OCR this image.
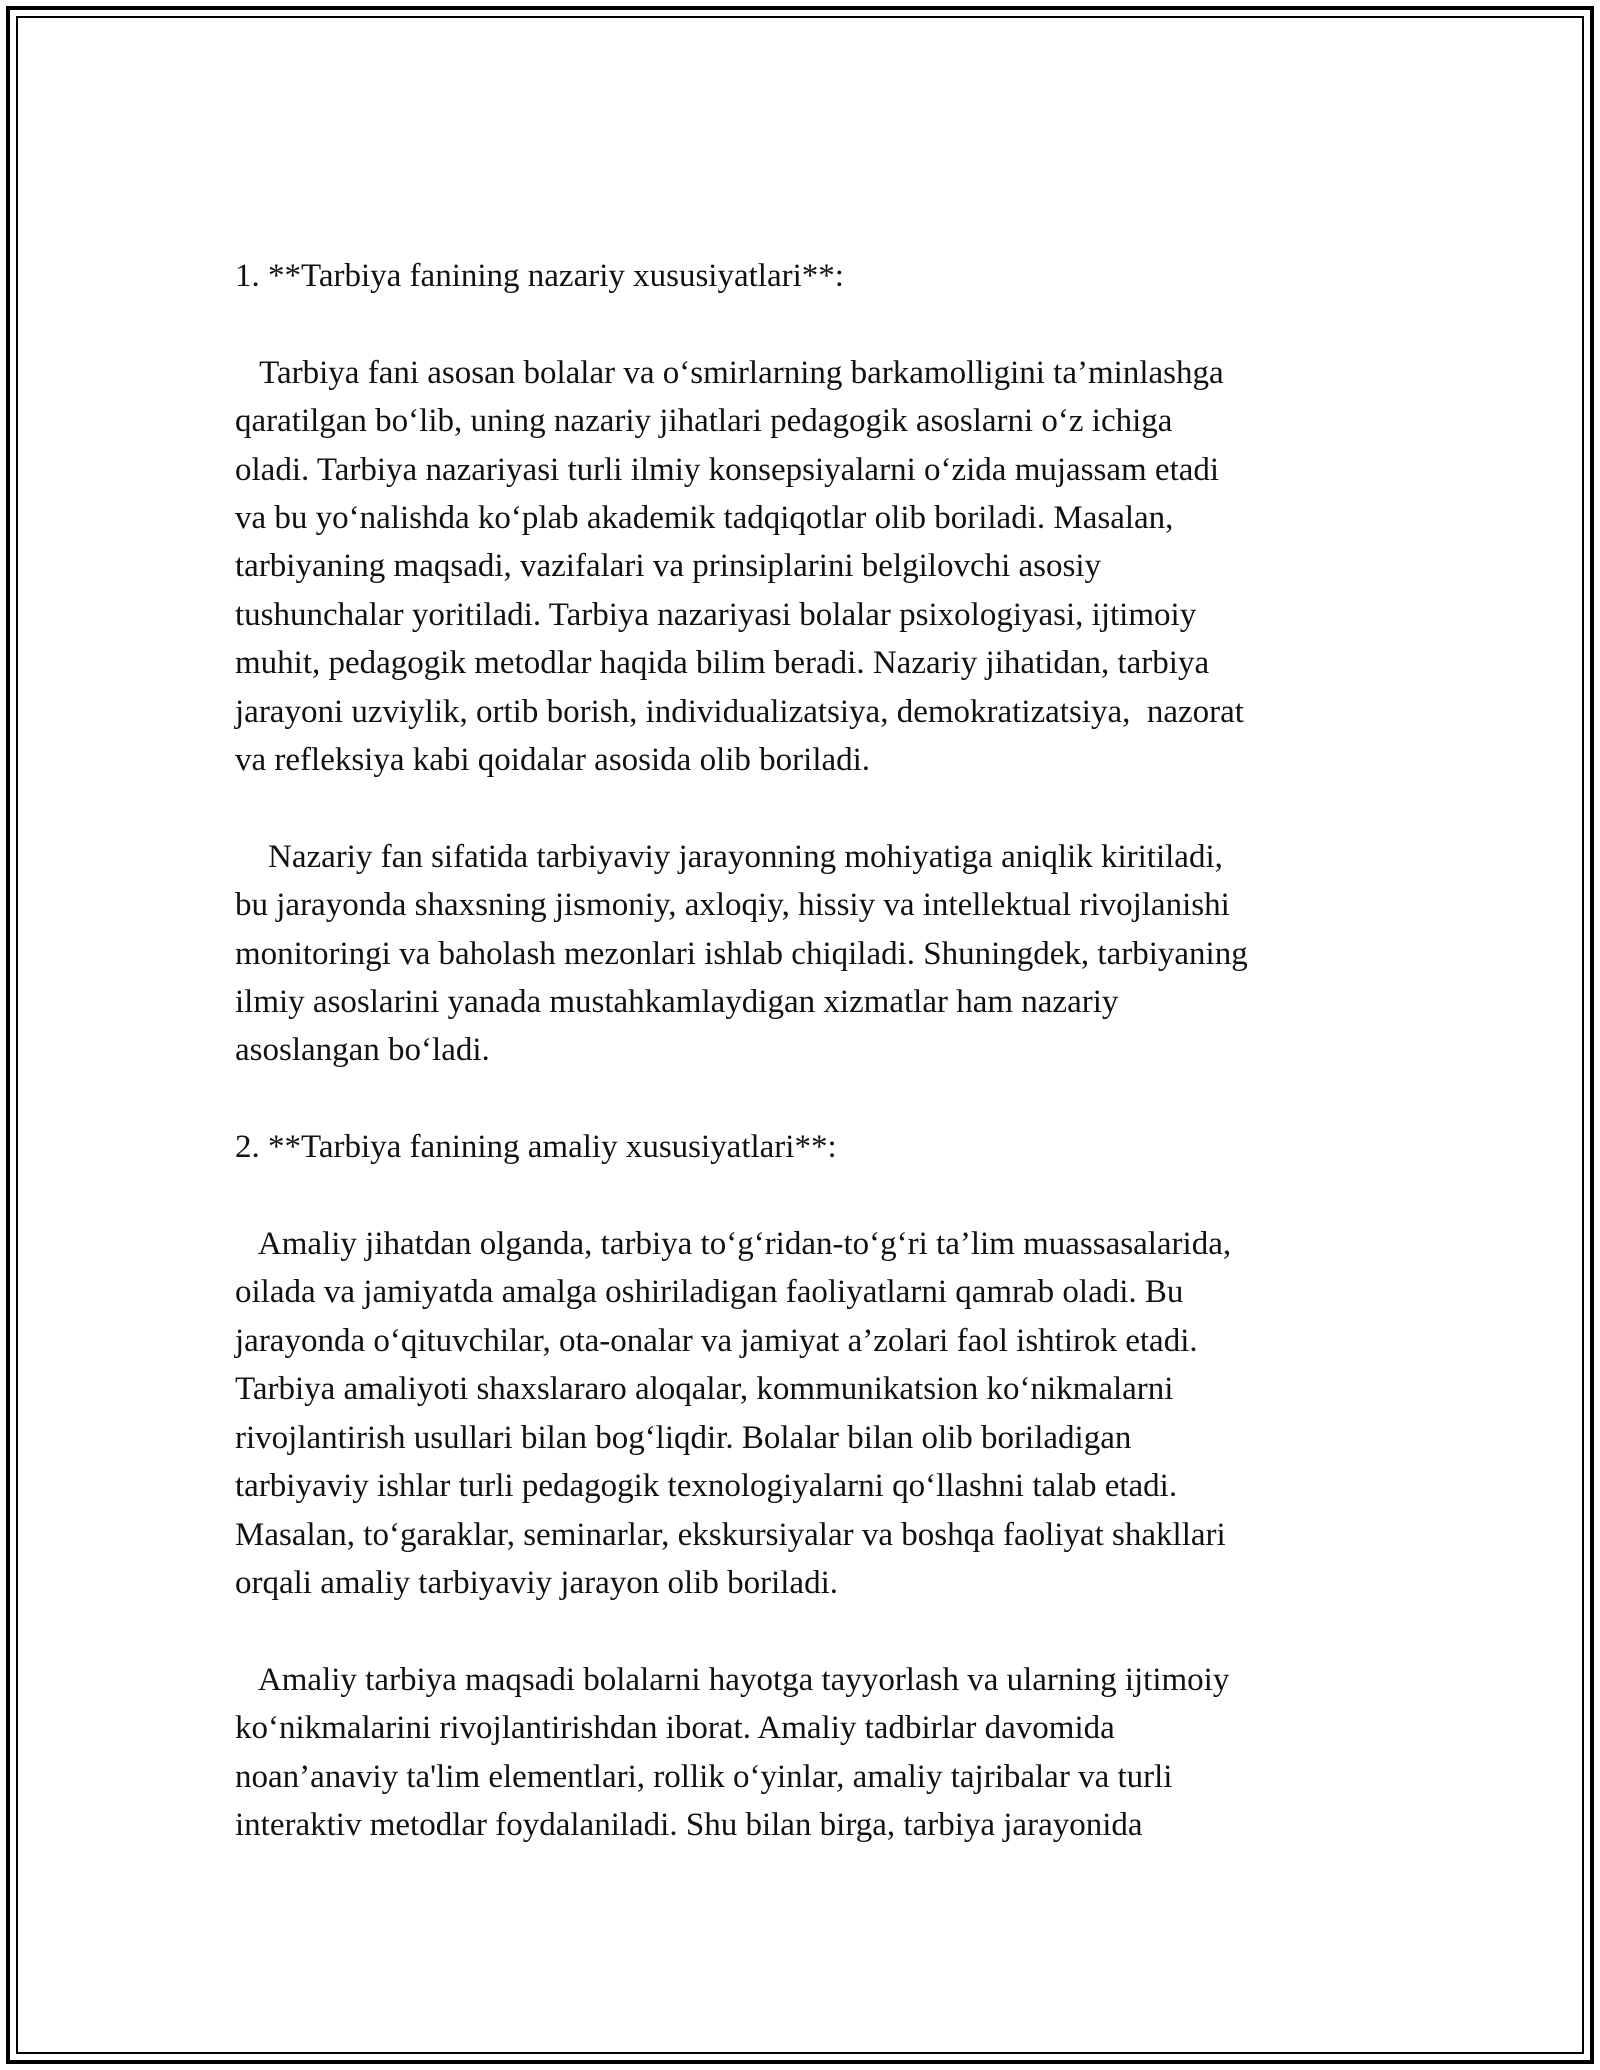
1. **Tarbiya fanining nazariy xususiyatlari**:
Tarbiya fani asosan bolalar va o‘smirlarning barkamolligini ta’minlashga
qaratilgan bo‘lib, uning nazariy jihatlari pedagogik asoslarni o‘z ichiga
oladi. Tarbiya nazariyasi turli ilmiy konsepsiyalarni o‘zida mujassam etadi
va bu yo‘nalishda ko‘plab akademik tadqiqotlar olib boriladi. Masalan,
tarbiyaning maqsadi, vazifalari va prinsiplarini belgilovchi asosiy
tushunchalar yoritiladi. Tarbiya nazariyasi bolalar psixologiyasi, ijtimoiy
muhit, pedagogik metodlar haqida bilim beradi. Nazariy jihatidan, tarbiya
jarayoni uzviylik, ortib borish, individualizatsiya, demokratizatsiya,  nazorat
va refleksiya kabi qoidalar asosida olib boriladi.
Nazariy fan sifatida tarbiyaviy jarayonning mohiyatiga aniqlik kiritiladi,
bu jarayonda shaxsning jismoniy, axloqiy, hissiy va intellektual rivojlanishi
monitoringi va baholash mezonlari ishlab chiqiladi. Shuningdek, tarbiyaning
ilmiy asoslarini yanada mustahkamlaydigan xizmatlar ham nazariy
asoslangan bo‘ladi.
2. **Tarbiya fanining amaliy xususiyatlari**:
Amaliy jihatdan olganda, tarbiya to‘g‘ridan-to‘g‘ri ta’lim muassasalarida,
oilada va jamiyatda amalga oshiriladigan faoliyatlarni qamrab oladi. Bu
jarayonda o‘qituvchilar, ota-onalar va jamiyat a’zolari faol ishtirok etadi.
Tarbiya amaliyoti shaxslararo aloqalar, kommunikatsion ko‘nikmalarni
rivojlantirish usullari bilan bog‘liqdir. Bolalar bilan olib boriladigan
tarbiyaviy ishlar turli pedagogik texnologiyalarni qo‘llashni talab etadi.
Masalan, to‘garaklar, seminarlar, ekskursiyalar va boshqa faoliyat shakllari
orqali amaliy tarbiyaviy jarayon olib boriladi.
Amaliy tarbiya maqsadi bolalarni hayotga tayyorlash va ularning ijtimoiy
ko‘nikmalarini rivojlantirishdan iborat. Amaliy tadbirlar davomida
noan’anaviy ta'lim elementlari, rollik o‘yinlar, amaliy tajribalar va turli
interaktiv metodlar foydalaniladi. Shu bilan birga, tarbiya jarayonida
